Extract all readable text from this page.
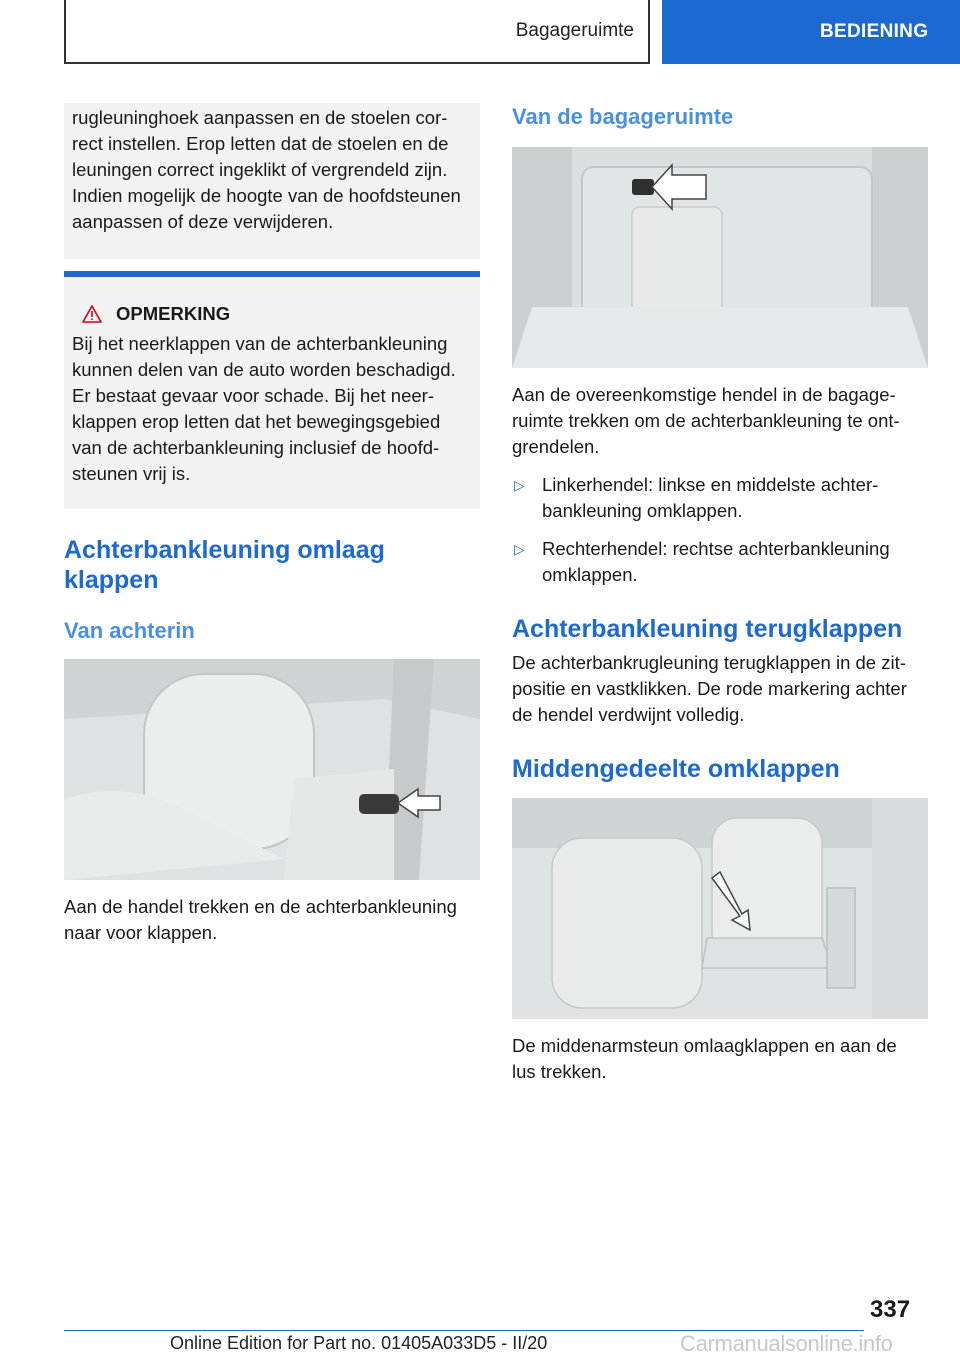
Bagageruimte	BEDIENING
rugleuninghoek aanpassen en de stoelen cor-
rect instellen. Erop letten dat de stoelen en de
leuningen correct ingeklikt of vergrendeld zijn.
Indien mogelijk de hoogte van de hoofdsteunen
aanpassen of deze verwijderen.
OPMERKING
Bij het neerklappen van de achterbankleuning
kunnen delen van de auto worden beschadigd.
Er bestaat gevaar voor schade. Bij het neer-
klappen erop letten dat het bewegingsgebied
van de achterbankleuning inclusief de hoofd-
steunen vrij is.
Achterbankleuning omlaag
klappen
Van achterin
Aan de handel trekken en de achterbankleuning
naar voor klappen.
Van de bagageruimte
Aan de overeenkomstige hendel in de bagage-
ruimte trekken om de achterbankleuning te ont-
grendelen.
▷ Linkerhendel: linkse en middelste achter-
bankleuning omklappen.
▷ Rechterhendel: rechtse achterbankleuning
omklappen.
Achterbankleuning terugklappen
De achterbankrugleuning terugklappen in de zit-
positie en vastklikken. De rode markering achter
de hendel verdwijnt volledig.
Middengedeelte omklappen
De middenarmsteun omlaagklappen en aan de
lus trekken.
337
Online Edition for Part no. 01405A033D5 - II/20	Carmanualsonline.info
